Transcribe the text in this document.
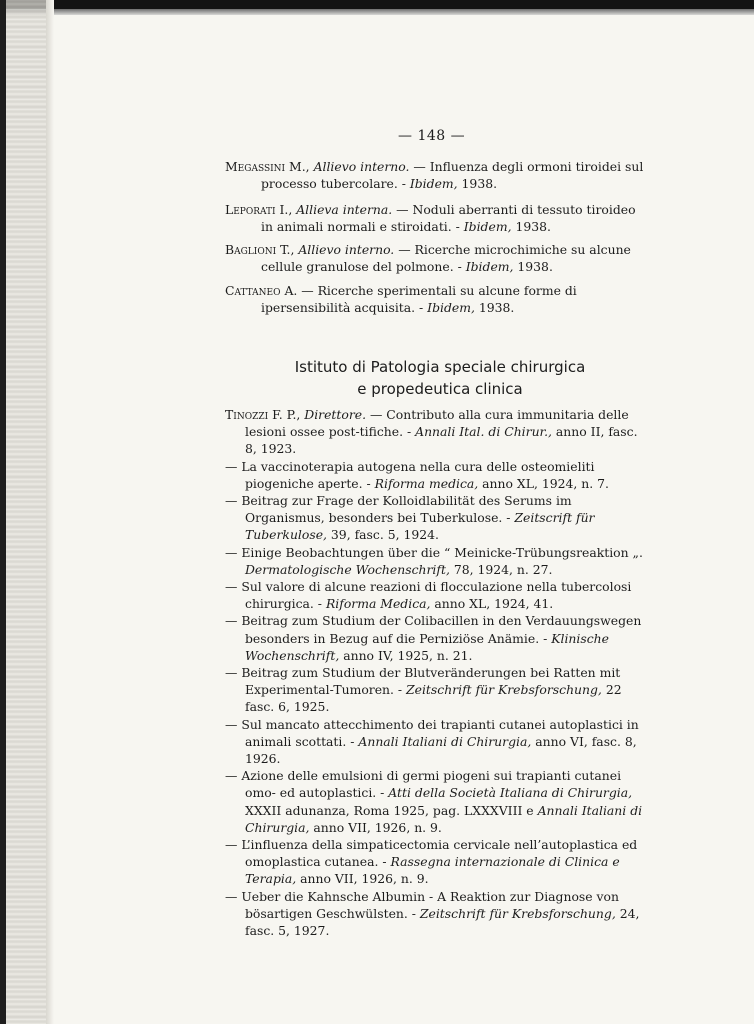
— 148 —

Megassini M., Allievo interno. — Influenza degli ormoni tiroidei sul processo tubercolare. - Ibidem, 1938.

Leporati I., Allieva interna. — Noduli aberranti di tessuto tiroideo in animali normali e stiroidati. - Ibidem, 1938.

Baglioni T., Allievo interno. — Ricerche microchimiche su alcune cellule granulose del polmone. - Ibidem, 1938.

Cattaneo A. — Ricerche sperimentali su alcune forme di ipersensibilità acquisita. - Ibidem, 1938.

Istituto di Patologia speciale chirurgica
e propedeutica clinica

Tinozzi F. P., Direttore. — Contributo alla cura immunitaria delle lesioni ossee post-tifiche. - Annali Ital. di Chirur., anno II, fasc. 8, 1923.

— La vaccinoterapia autogena nella cura delle osteomieliti piogeniche aperte. - Riforma medica, anno XL, 1924, n. 7.

— Beitrag zur Frage der Kolloidlabilität des Serums im Organismus, besonders bei Tuberkulose. - Zeitscrift für Tuberkulose, 39, fasc. 5, 1924.

— Einige Beobachtungen über die “ Meinicke-Trübungsreaktion „. Dermatologische Wochenschrift, 78, 1924, n. 27.

— Sul valore di alcune reazioni di flocculazione nella tubercolosi chirurgica. - Riforma Medica, anno XL, 1924, 41.

— Beitrag zum Studium der Colibacillen in den Verdauungswegen besonders in Bezug auf die Perniziöse Anämie. - Klinische Wochenschrift, anno IV, 1925, n. 21.

— Beitrag zum Studium der Blutveränderungen bei Ratten mit Experimental-Tumoren. - Zeitschrift für Krebsforschung, 22 fasc. 6, 1925.

— Sul mancato attecchimento dei trapianti cutanei autoplastici in animali scottati. - Annali Italiani di Chirurgia, anno VI, fasc. 8, 1926.

— Azione delle emulsioni di germi piogeni sui trapianti cutanei omo- ed autoplastici. - Atti della Società Italiana di Chirurgia, XXXII adunanza, Roma 1925, pag. LXXXVIII e Annali Italiani di Chirurgia, anno VII, 1926, n. 9.

— L’influenza della simpaticectomia cervicale nell’autoplastica ed omoplastica cutanea. - Rassegna internazionale di Clinica e Terapia, anno VII, 1926, n. 9.

— Ueber die Kahnsche Albumin - A Reaktion zur Diagnose von bösartigen Geschwülsten. - Zeitschrift für Krebsforschung, 24, fasc. 5, 1927.
